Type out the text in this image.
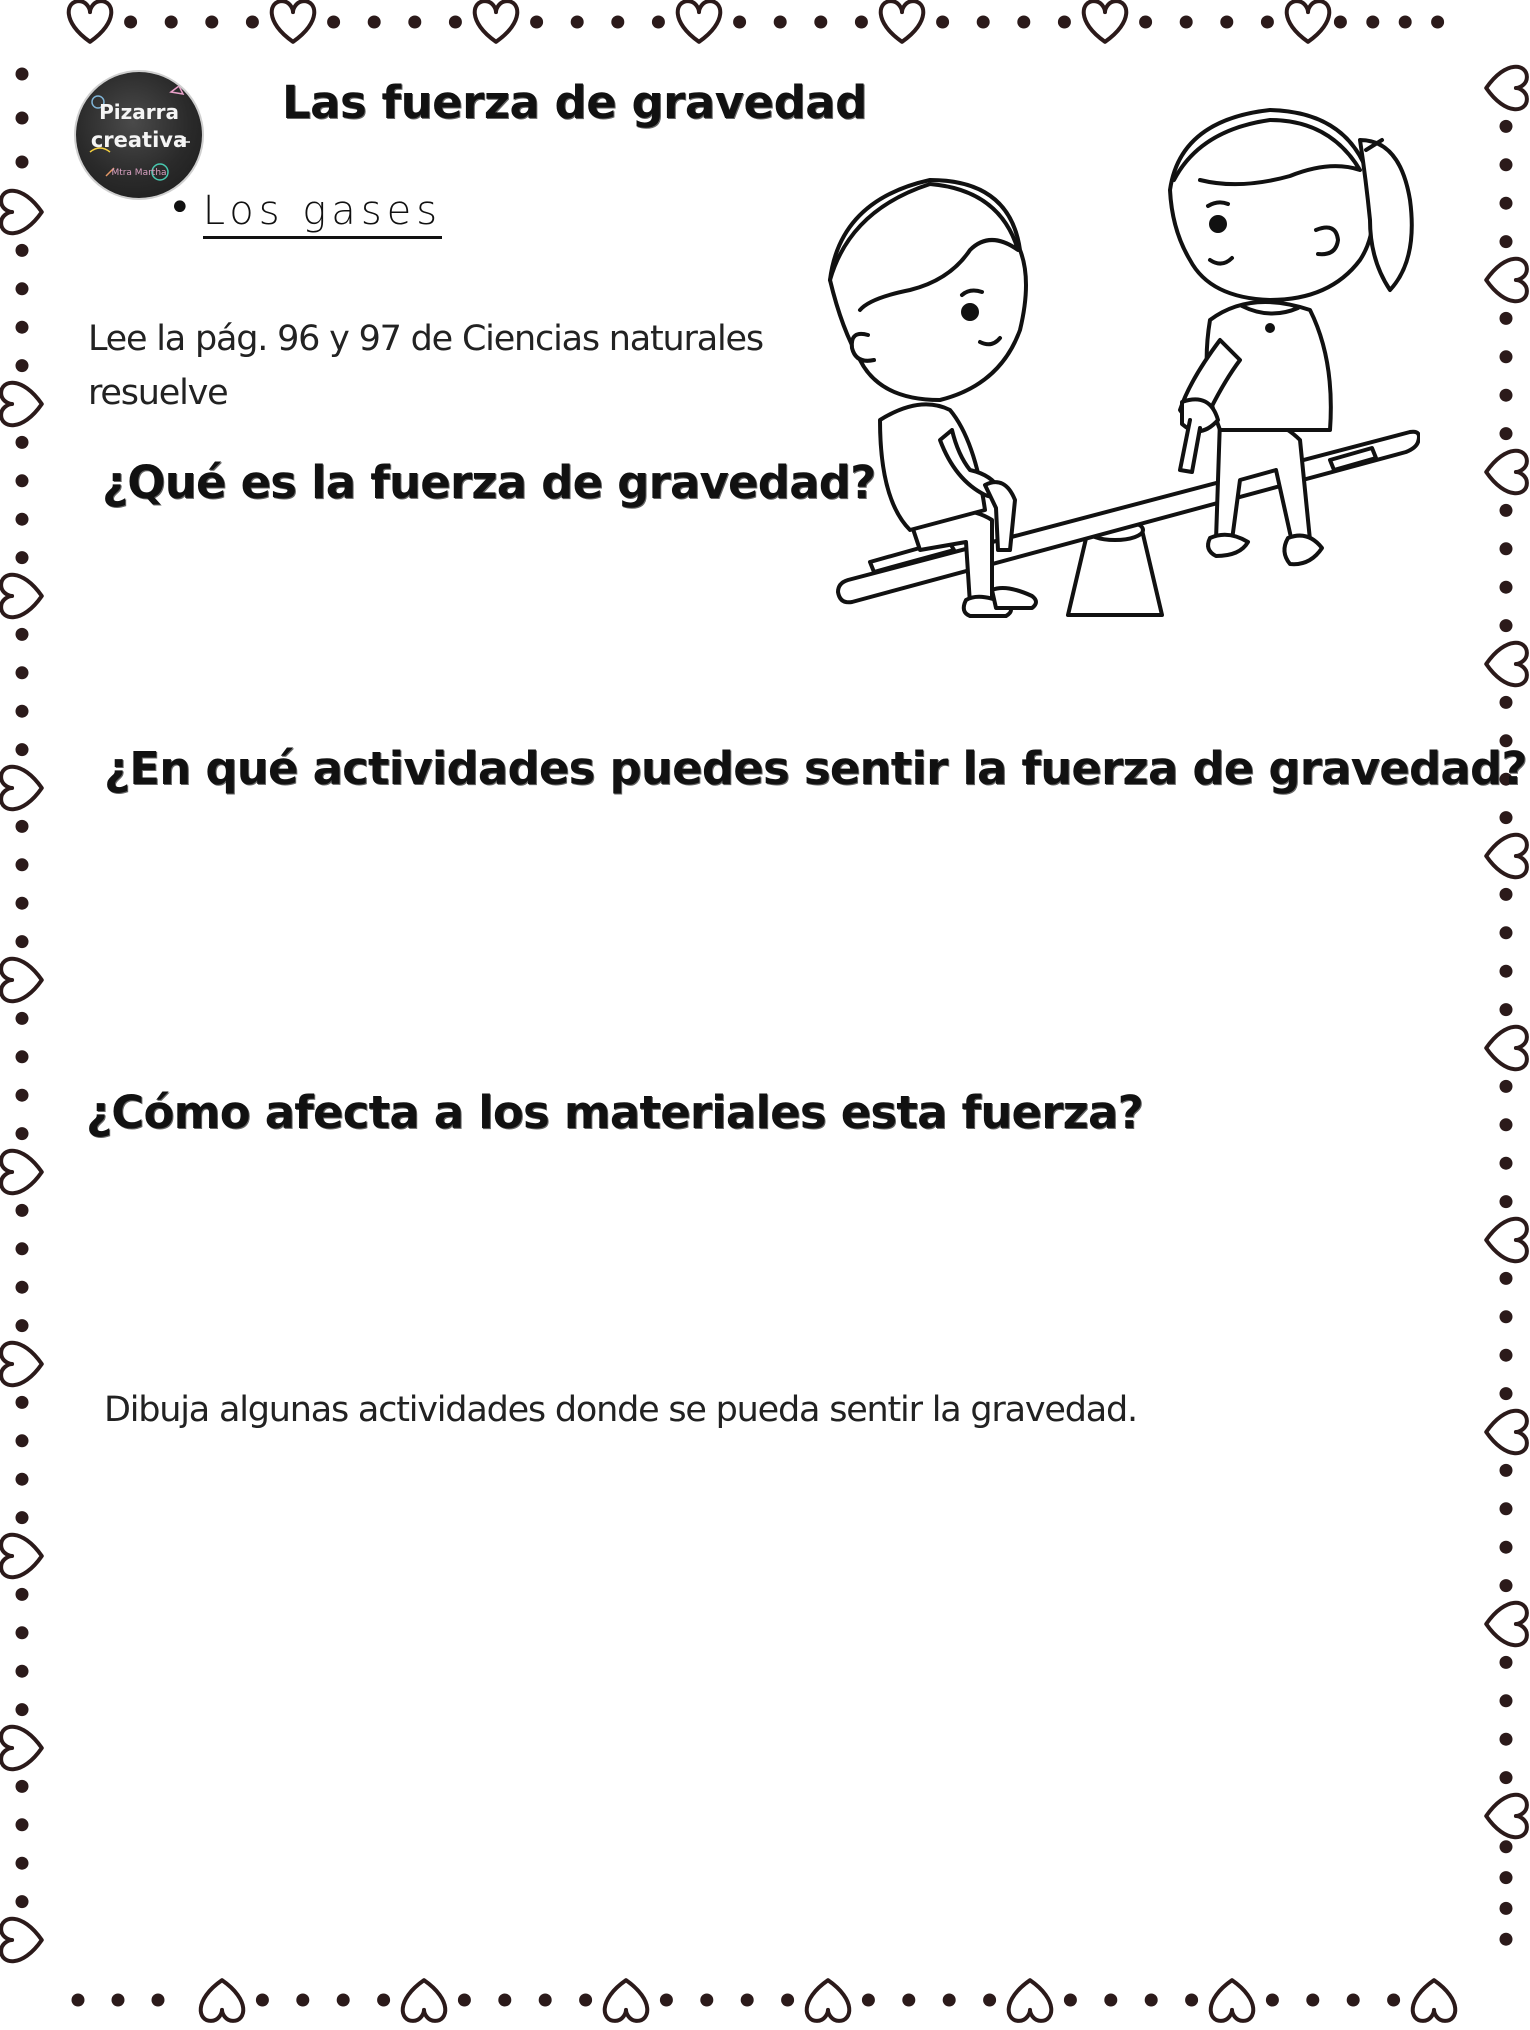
Pizarra
creativa
Mtra Martha
Las fuerza de gravedad
• Los gases
Lee la pág. 96 y 97 de Ciencias naturales
resuelve
¿Qué es la fuerza de gravedad?
¿En qué actividades puedes sentir la fuerza de gravedad?
¿Cómo afecta a los materiales esta fuerza?
Dibuja algunas actividades donde se pueda sentir la gravedad.
